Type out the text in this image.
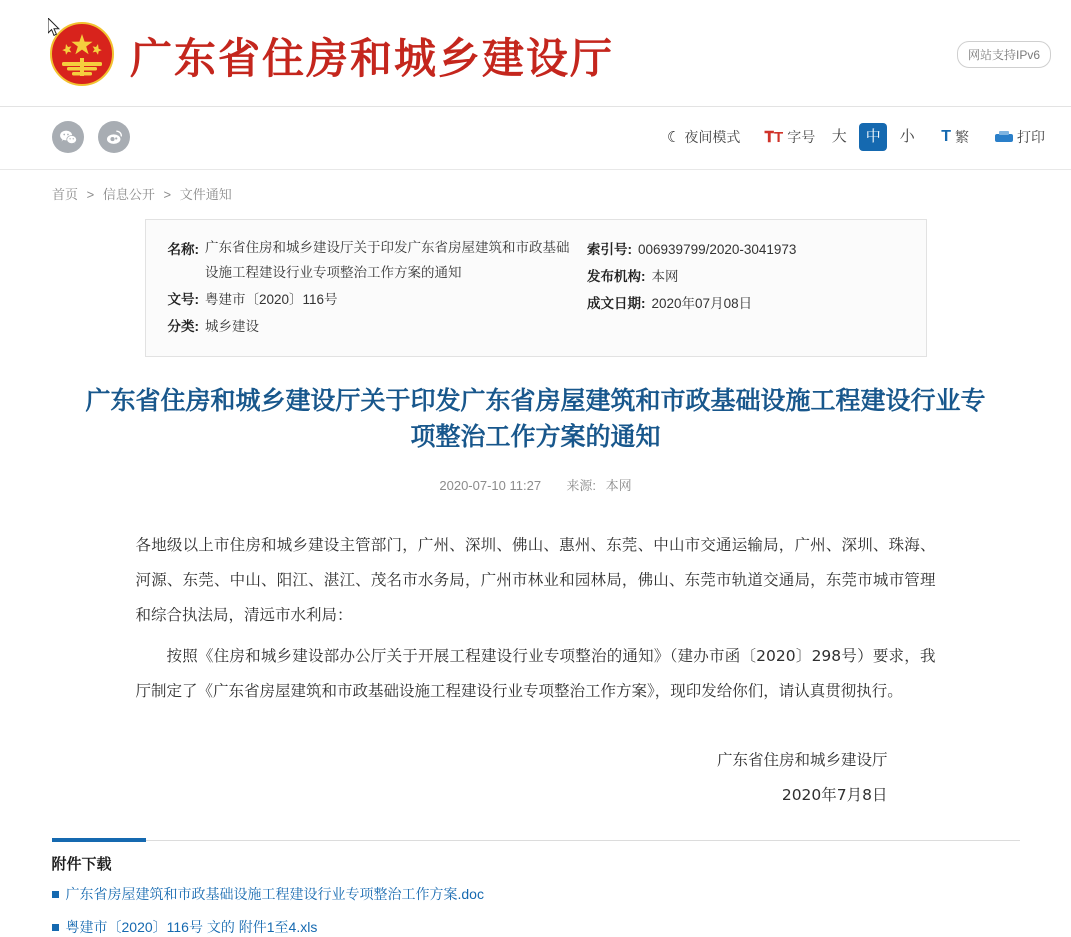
广东省住房和城乡建设厅	网站支持IPv6
☾ 夜间模式 𝐓T 字号	大	中	小	T 繁	打印
首页 > 信息公开 > 文件通知
名称: 广东省住房和城乡建设厅关于印发广东省房屋建筑和市政基础设施工程建设行业专项整治工作方案的通知
文号: 粤建市〔2020〕116号
分类: 城乡建设
索引号: 006939799/2020-3041973
发布机构: 本网
成文日期: 2020年07月08日
广东省住房和城乡建设厅关于印发广东省房屋建筑和市政基础设施工程建设行业专项整治工作方案的通知
2020-07-10 11:27 来源: 本网

各地级以上市住房和城乡建设主管部门，广州、深圳、佛山、惠州、东莞、中山市交通运输局，广州、深圳、珠海、河源、东莞、中山、阳江、湛江、茂名市水务局，广州市林业和园林局，佛山、东莞市轨道交通局，东莞市城市管理和综合执法局，清远市水利局：

按照《住房和城乡建设部办公厅关于开展工程建设行业专项整治的通知》（建办市函〔2020〕298号）要求，我厅制定了《广东省房屋建筑和市政基础设施工程建设行业专项整治工作方案》，现印发给你们，请认真贯彻执行。

广东省住房和城乡建设厅
2020年7月8日
附件下载
广东省房屋建筑和市政基础设施工程建设行业专项整治工作方案.doc
粤建市〔2020〕116号 文的 附件1至4.xls
